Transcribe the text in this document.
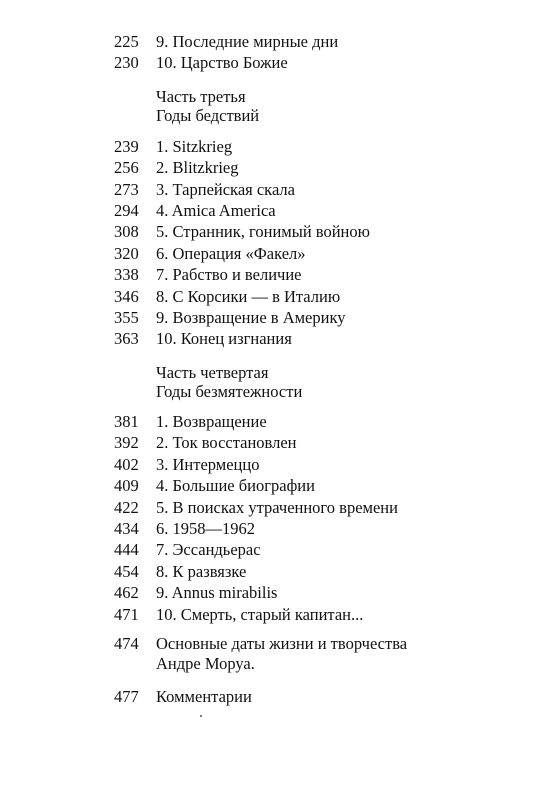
225	9. Последние мирные дни
230	10. Царство Божие
Часть третья
Годы бедствий
239	1. Sitzkrieg
256	2. Blitzkrieg
273	3. Тарпейская скала
294	4. Amica America
308	5. Странник, гонимый войною
320	6. Операция «Факел»
338	7. Рабство и величие
346	8. С Корсики — в Италию
355	9. Возвращение в Америку
363	10. Конец изгнания
Часть четвертая
Годы безмятежности
381	1. Возвращение
392	2. Ток восстановлен
402	3. Интермеццо
409	4. Большие биографии
422	5. В поисках утраченного времени
434	6. 1958—1962
444	7. Эссандьерас
454	8. К развязке
462	9. Annus mirabilis
471	10. Смерть, старый капитан...
474	Основные даты жизни и творчества
Андре Моруа.
477	Комментарии
